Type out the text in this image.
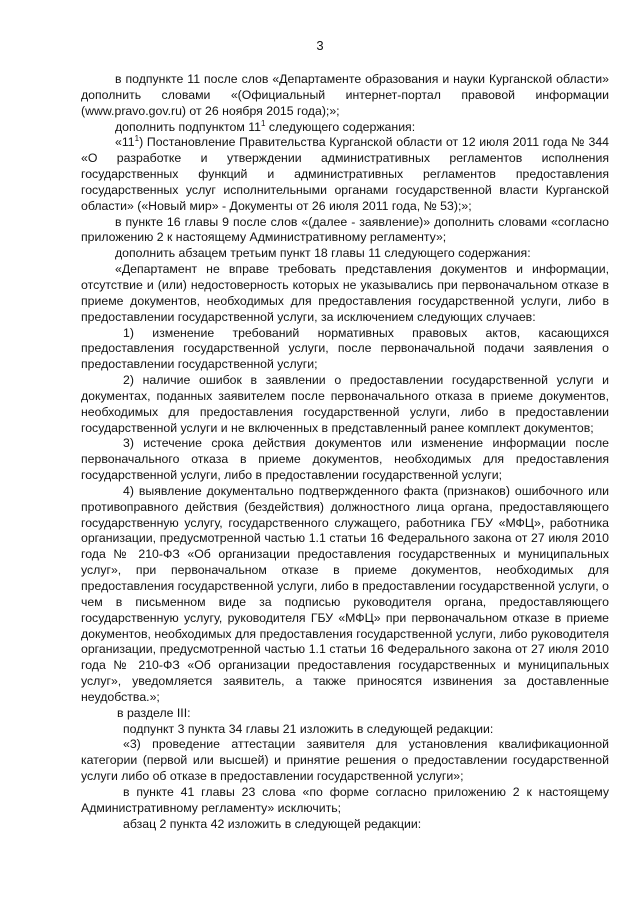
3

в подпункте 11 после слов «Департаменте образования и науки Курганской области» дополнить словами «(Официальный интернет-портал правовой информации (www.pravo.gov.ru) от 26 ноября 2015 года);»;

дополнить подпунктом $11^1$ следующего содержания:

«$11^1$) Постановление Правительства Курганской области от 12 июля 2011 года № 344 «О разработке и утверждении административных регламентов исполнения государственных функций и административных регламентов предоставления государственных услуг исполнительными органами государственной власти Курганской области» («Новый мир» - Документы от 26 июля 2011 года, № 53);»;

в пункте 16 главы 9 после слов «(далее - заявление)» дополнить словами «согласно приложению 2 к настоящему Административному регламенту»;

дополнить абзацем третьим пункт 18 главы 11 следующего содержания:

«Департамент не вправе требовать представления документов и информации, отсутствие и (или) недостоверность которых не указывались при первоначальном отказе в приеме документов, необходимых для предоставления государственной услуги, либо в предоставлении государственной услуги, за исключением следующих случаев:

1) изменение требований нормативных правовых актов, касающихся предоставления государственной услуги, после первоначальной подачи заявления о предоставлении государственной услуги;

2) наличие ошибок в заявлении о предоставлении государственной услуги и документах, поданных заявителем после первоначального отказа в приеме документов, необходимых для предоставления государственной услуги, либо в предоставлении государственной услуги и не включенных в представленный ранее комплект документов;

3) истечение срока действия документов или изменение информации после первоначального отказа в приеме документов, необходимых для предоставления государственной услуги, либо в предоставлении государственной услуги;

4) выявление документально подтвержденного факта (признаков) ошибочного или противоправного действия (бездействия) должностного лица органа, предоставляющего государственную услугу, государственного служащего, работника ГБУ «МФЦ», работника организации, предусмотренной частью 1.1 статьи 16 Федерального закона от 27 июля 2010 года № 210-ФЗ «Об организации предоставления государственных и муниципальных услуг», при первоначальном отказе в приеме документов, необходимых для предоставления государственной услуги, либо в предоставлении государственной услуги, о чем в письменном виде за подписью руководителя органа, предоставляющего государственную услугу, руководителя ГБУ «МФЦ» при первоначальном отказе в приеме документов, необходимых для предоставления государственной услуги, либо руководителя организации, предусмотренной частью 1.1 статьи 16 Федерального закона от 27 июля 2010 года № 210-ФЗ «Об организации предоставления государственных и муниципальных услуг», уведомляется заявитель, а также приносятся извинения за доставленные неудобства.»;

в разделе III:

подпункт 3 пункта 34 главы 21 изложить в следующей редакции:

«3) проведение аттестации заявителя для установления квалификационной категории (первой или высшей) и принятие решения о предоставлении государственной услуги либо об отказе в предоставлении государственной услуги»;

в пункте 41 главы 23 слова «по форме согласно приложению 2 к настоящему Административному регламенту» исключить;

абзац 2 пункта 42 изложить в следующей редакции:
